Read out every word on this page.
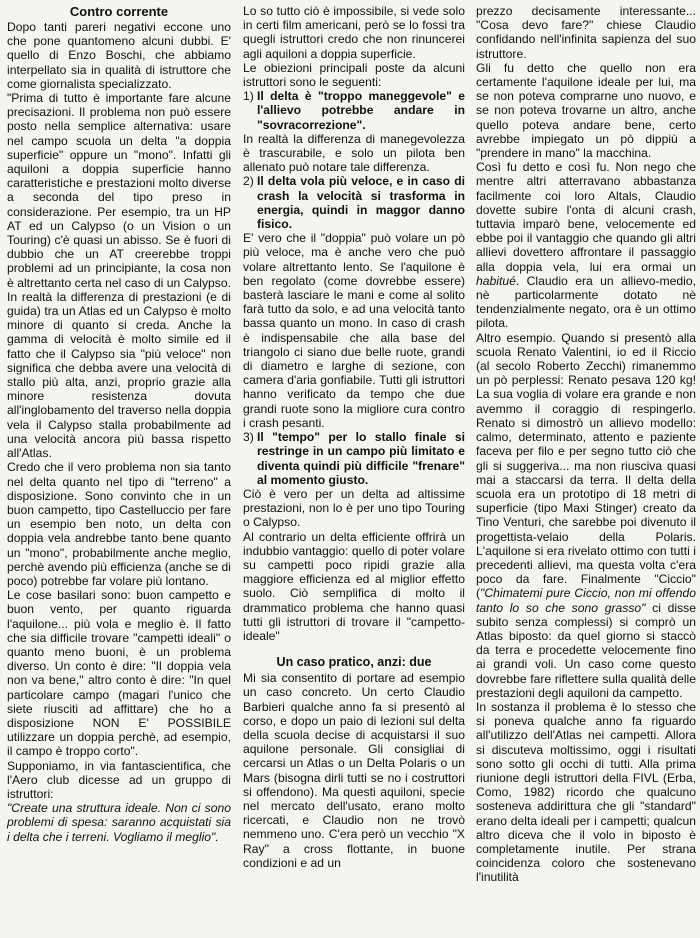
Contro corrente

Dopo tanti pareri negativi eccone uno che pone quantomeno alcuni dubbi. E' quello di Enzo Boschi, che abbiamo interpellato sia in qualità di istruttore che come giornalista specializzato.

"Prima di tutto è importante fare alcune precisazioni. Il problema non può essere posto nella semplice alternativa: usare nel campo scuola un delta "a doppia superficie" oppure un "mono". Infatti gli aquiloni a doppia superficie hanno caratteristiche e prestazioni molto diverse a seconda del tipo preso in considerazione. Per esempio, tra un HP AT ed un Calypso (o un Vision o un Touring) c'è quasi un abisso. Se è fuori di dubbio che un AT creerebbe troppi problemi ad un principiante, la cosa non è altrettanto certa nel caso di un Calypso. In realtà la differenza di prestazioni (e di guida) tra un Atlas ed un Calypso è molto minore di quanto si creda. Anche la gamma di velocità è molto simile ed il fatto che il Calypso sia "più veloce" non significa che debba avere una velocità di stallo più alta, anzi, proprio grazie alla minore resistenza dovuta all'inglobamento del traverso nella doppia vela il Calypso stalla probabilmente ad una velocità ancora più bassa rispetto all'Atlas.

Credo che il vero problema non sia tanto nel delta quanto nel tipo di "terreno" a disposizione. Sono convinto che in un buon campetto, tipo Castelluccio per fare un esempio ben noto, un delta con doppia vela andrebbe tanto bene quanto un "mono", probabilmente anche meglio, perchè avendo più efficienza (anche se di poco) potrebbe far volare più lontano.

Le cose basilari sono: buon campetto e buon vento, per quanto riguarda l'aquilone... più vola e meglio è. Il fatto che sia difficile trovare "campetti ideali" o quanto meno buoni, è un problema diverso. Un conto è dire: "Il doppia vela non va bene," altro conto è dire: "In quel particolare campo (magari l'unico che siete riusciti ad affittare) che ho a disposizione NON E' POSSIBILE utilizzare un doppia perchè, ad esempio, il campo è troppo corto".

Supponiamo, in via fantascientifica, che l'Aero club dicesse ad un gruppo di istruttori:

"Create una struttura ideale. Non ci sono problemi di spesa: saranno acquistati sia i delta che i terreni. Vogliamo il meglio".

Lo so tutto ciò è impossibile, si vede solo in certi film americani, però se lo fossi tra quegli istruttori credo che non rinuncerei agli aquiloni a doppia superficie.

Le obiezioni principali poste da alcuni istruttori sono le seguenti:

1) Il delta è "troppo maneggevole" e l'allievo potrebbe andare in "sovracorrezione".

In realtà la differenza di manegevolezza è trascurabile, e solo un pilota ben allenato può notare tale differenza.

2) Il delta vola più veloce, e in caso di crash la velocità si trasforma in energia, quindi in maggor danno fisico.

E' vero che il "doppia" può volare un pò più veloce, ma è anche vero che può volare altrettanto lento. Se l'aquilone è ben regolato (come dovrebbe essere) basterà lasciare le mani e come al solito farà tutto da solo, e ad una velocità tanto bassa quanto un mono. In caso di crash è indispensabile che alla base del triangolo ci siano due belle ruote, grandi di diametro e larghe di sezione, con camera d'aria gonfiabile. Tutti gli istruttori hanno verificato da tempo che due grandi ruote sono la migliore cura contro i crash pesanti.

3) Il "tempo" per lo stallo finale si restringe in un campo più limitato e diventa quindi più difficile "frenare" al momento giusto.

Ciò è vero per un delta ad altissime prestazioni, non lo è per uno tipo Touring o Calypso.

Al contrario un delta efficiente offrirà un indubbio vantaggio: quello di poter volare su campetti poco ripidi grazie alla maggiore efficienza ed al miglior effetto suolo. Ciò semplifica di molto il drammatico problema che hanno quasi tutti gli istruttori di trovare il "campetto-ideale"

Un caso pratico, anzi: due

Mi sia consentito di portare ad esempio un caso concreto. Un certo Claudio Barbieri qualche anno fa si presentò al corso, e dopo un paio di lezioni sul delta della scuola decise di acquistarsi il suo aquilone personale. Gli consigliai di cercarsi un Atlas o un Delta Polaris o un Mars (bisogna dirli tutti se no i costruttori si offendono). Ma questi aquiloni, specie nel mercato dell'usato, erano molto ricercati, e Claudio non ne trovò nemmeno uno. C'era però un vecchio "X Ray" a cross flottante, in buone condizioni e ad un

prezzo decisamente interessante... "Cosa devo fare?" chiese Claudio confidando nell'infinita sapienza del suo istruttore.

Gli fu detto che quello non era certamente l'aquilone ideale per lui, ma se non poteva comprarne uno nuovo, e se non poteva trovarne un altro, anche quello poteva andare bene, certo avrebbe impiegato un pò dippiù a "prendere in mano" la macchina.

Così fu detto e così fu. Non nego che mentre altri atterravano abbastanza facilmente coi loro Altals, Claudio dovette subire l'onta di alcuni crash, tuttavia imparò bene, velocemente ed ebbe poi il vantaggio che quando gli altri allievi dovettero affrontare il passaggio alla doppia vela, lui era ormai un habitué. Claudio era un allievo-medio, nè particolarmente dotato nè tendenzialmente negato, ora è un ottimo pilota.

Altro esempio. Quando si presentò alla scuola Renato Valentini, io ed il Riccio (al secolo Roberto Zecchi) rimanemmo un pò perplessi: Renato pesava 120 kg! La sua voglia di volare era grande e non avemmo il coraggio di respingerlo. Renato si dimostrò un allievo modello: calmo, determinato, attento e paziente faceva per filo e per segno tutto ciò che gli si suggeriva... ma non riusciva quasi mai a staccarsi da terra. Il delta della scuola era un prototipo di 18 metri di superficie (tipo Maxi Stinger) creato da Tino Venturi, che sarebbe poi divenuto il progettista-velaio della Polaris. L'aquilone si era rivelato ottimo con tutti i precedenti allievi, ma questa volta c'era poco da fare. Finalmente "Ciccio" ("Chimatemi pure Ciccio, non mi offendo tanto lo so che sono grasso" ci disse subito senza complessi) si comprò un Atlas biposto: da quel giorno si staccò da terra e procedette velocemente fino ai grandi voli. Un caso come questo dovrebbe fare riflettere sulla qualità delle prestazioni degli aquiloni da campetto.

In sostanza il problema è lo stesso che si poneva qualche anno fa riguardo all'utilizzo dell'Atlas nei campetti. Allora si discuteva moltissimo, oggi i risultati sono sotto gli occhi di tutti. Alla prima riunione degli istruttori della FIVL (Erba, Como, 1982) ricordo che qualcuno sosteneva addirittura che gli "standard" erano delta ideali per i campetti; qualcun altro diceva che il volo in biposto è completamente inutile. Per strana coincidenza coloro che sostenevano l'inutilità
